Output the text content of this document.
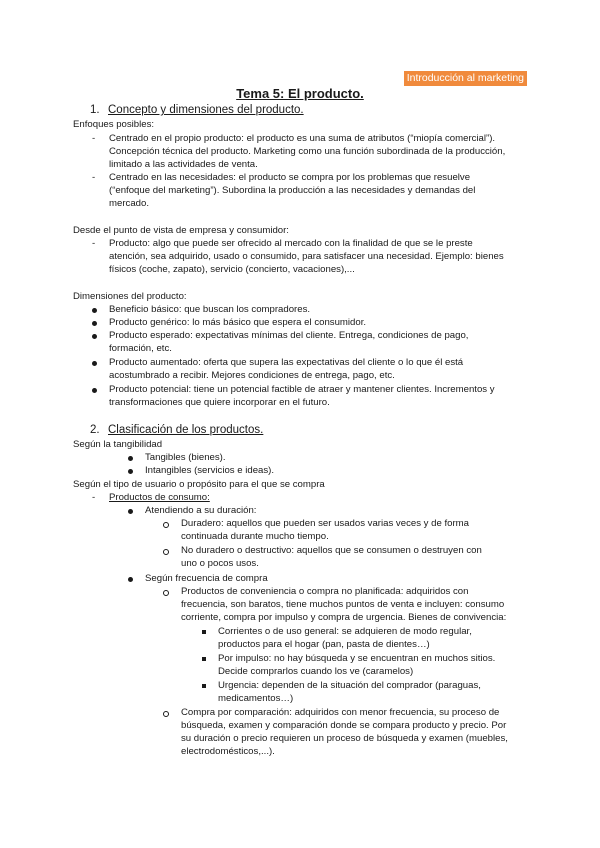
Introducción al marketing
Tema 5: El producto.
1. Concepto y dimensiones del producto.
Enfoques posibles:
- Centrado en el propio producto: el producto es una suma de atributos (“miopía comercial”).
Concepción técnica del producto. Marketing como una función subordinada de la producción,
limitado a las actividades de venta.
- Centrado en las necesidades: el producto se compra por los problemas que resuelve
(“enfoque del marketing”). Subordina la producción a las necesidades y demandas del
mercado.
Desde el punto de vista de empresa y consumidor:
- Producto: algo que puede ser ofrecido al mercado con la finalidad de que se le preste
atención, sea adquirido, usado o consumido, para satisfacer una necesidad. Ejemplo: bienes
físicos (coche, zapato), servicio (concierto, vacaciones),...
Dimensiones del producto:
Beneficio básico: que buscan los compradores.
Producto genérico: lo más básico que espera el consumidor.
Producto esperado: expectativas mínimas del cliente. Entrega, condiciones de pago,
formación, etc.
Producto aumentado: oferta que supera las expectativas del cliente o lo que él está
acostumbrado a recibir. Mejores condiciones de entrega, pago, etc.
Producto potencial: tiene un potencial factible de atraer y mantener clientes. Incrementos y
transformaciones que quiere incorporar en el futuro.
2. Clasificación de los productos.
Según la tangibilidad
Tangibles (bienes).
Intangibles (servicios e ideas).
Según el tipo de usuario o propósito para el que se compra
- Productos de consumo:
Atendiendo a su duración:
Duradero: aquellos que pueden ser usados varias veces y de forma
continuada durante mucho tiempo.
No duradero o destructivo: aquellos que se consumen o destruyen con
uno o pocos usos.
Según frecuencia de compra
Productos de conveniencia o compra no planificada: adquiridos con
frecuencia, son baratos, tiene muchos puntos de venta e incluyen: consumo
corriente, compra por impulso y compra de urgencia. Bienes de convivencia:
Corrientes o de uso general: se adquieren de modo regular,
productos para el hogar (pan, pasta de dientes…)
Por impulso: no hay búsqueda y se encuentran en muchos sitios.
Decide comprarlos cuando los ve (caramelos)
Urgencia: dependen de la situación del comprador (paraguas,
medicamentos…)
Compra por comparación: adquiridos con menor frecuencia, su proceso de
búsqueda, examen y comparación donde se compara producto y precio. Por
su duración o precio requieren un proceso de búsqueda y examen (muebles,
electrodomésticos,...).
